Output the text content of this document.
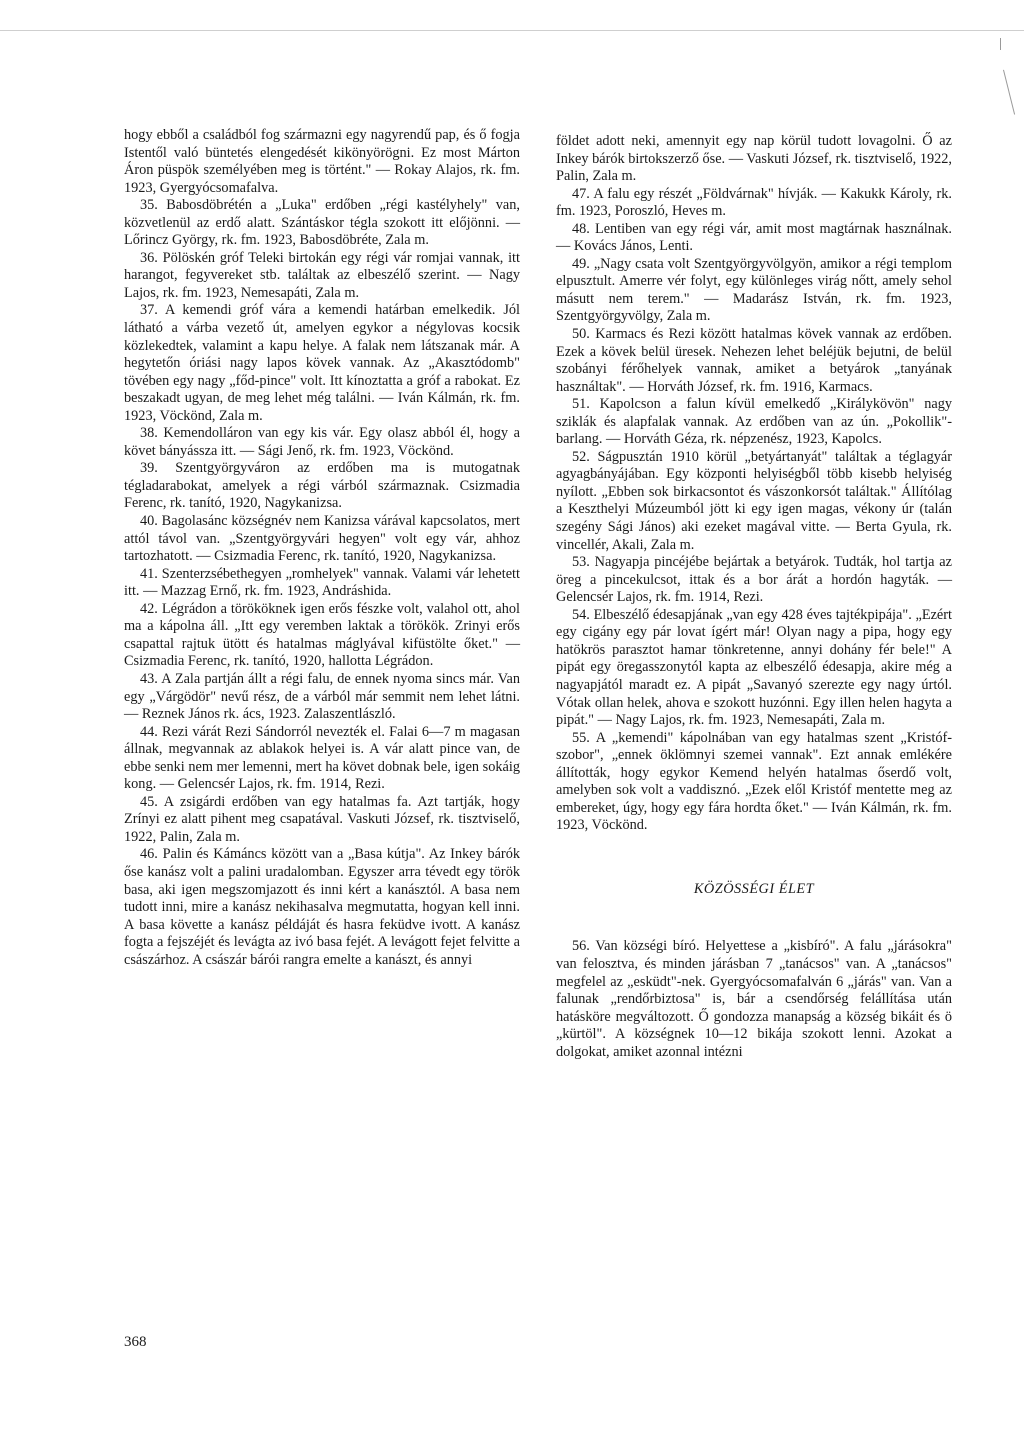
hogy ebből a családból fog származni egy nagyrendű pap, és ő fogja Istentől való büntetés elengedését kikönyörögni. Ez most Márton Áron püspök személyében meg is történt." — Rokay Alajos, rk. fm. 1923, Gyergyócsomafalva.

35. Babosdöbrétén a „Luka" erdőben „régi kastélyhely" van, közvetlenül az erdő alatt. Szántáskor tégla szokott itt előjönni. — Lőrincz György, rk. fm. 1923, Babosdöbréte, Zala m.

36. Pölöskén gróf Teleki birtokán egy régi vár romjai vannak, itt harangot, fegyvereket stb. találtak az elbeszélő szerint. — Nagy Lajos, rk. fm. 1923, Nemesapáti, Zala m.

37. A kemendi gróf vára a kemendi határban emelkedik. Jól látható a várba vezető út, amelyen egykor a négylovas kocsik közlekedtek, valamint a kapu helye. A falak nem látszanak már. A hegytetőn óriási nagy lapos kövek vannak. Az „Akasztódomb" tövében egy nagy „főd-pince" volt. Itt kínoztatta a gróf a rabokat. Ez beszakadt ugyan, de meg lehet még találni. — Iván Kálmán, rk. fm. 1923, Vöckönd, Zala m.

38. Kemendolláron van egy kis vár. Egy olasz abból él, hogy a követ bányássza itt. — Sági Jenő, rk. fm. 1923, Vöckönd.

39. Szentgyörgyváron az erdőben ma is mutogatnak tégladarabokat, amelyek a régi várból származnak. Csizmadia Ferenc, rk. tanító, 1920, Nagykanizsa.

40. Bagolasánc községnév nem Kanizsa várával kapcsolatos, mert attól távol van. „Szentgyörgyvári hegyen" volt egy vár, ahhoz tartozhatott. — Csizmadia Ferenc, rk. tanító, 1920, Nagykanizsa.

41. Szenterzsébethegyen „romhelyek" vannak. Valami vár lehetett itt. — Mazzag Ernő, rk. fm. 1923, Andráshida.

42. Légrádon a törököknek igen erős fészke volt, valahol ott, ahol ma a kápolna áll. „Itt egy veremben laktak a törökök. Zrinyi erős csapattal rajtuk ütött és hatalmas máglyával kifüstölte őket." — Csizmadia Ferenc, rk. tanító, 1920, hallotta Légrádon.

43. A Zala partján állt a régi falu, de ennek nyoma sincs már. Van egy „Várgödör" nevű rész, de a várból már semmit nem lehet látni. — Reznek János rk. ács, 1923. Zalaszentlászló.

44. Rezi várát Rezi Sándorról nevezték el. Falai 6—7 m magasan állnak, megvannak az ablakok helyei is. A vár alatt pince van, de ebbe senki nem mer lemenni, mert ha követ dobnak bele, igen sokáig kong. — Gelencsér Lajos, rk. fm. 1914, Rezi.

45. A zsigárdi erdőben van egy hatalmas fa. Azt tartják, hogy Zrínyi ez alatt pihent meg csapatával. Vaskuti József, rk. tisztviselő, 1922, Palin, Zala m.

46. Palin és Kámáncs között van a „Basa kútja". Az Inkey bárók őse kanász volt a palini uradalomban. Egyszer arra tévedt egy török basa, aki igen megszomjazott és inni kért a kanásztól. A basa nem tudott inni, mire a kanász nekihasalva megmutatta, hogyan kell inni. A basa követte a kanász példáját és hasra feküdve ivott. A kanász fogta a fejszéjét és levágta az ivó basa fejét. A levágott fejet felvitte a császárhoz. A császár bárói rangra emelte a kanászt, és annyi

földet adott neki, amennyit egy nap körül tudott lovagolni. Ő az Inkey bárók birtokszerző őse. — Vaskuti József, rk. tisztviselő, 1922, Palin, Zala m.

47. A falu egy részét „Földvárnak" hívják. — Kakukk Károly, rk. fm. 1923, Poroszló, Heves m.

48. Lentiben van egy régi vár, amit most magtárnak használnak. — Kovács János, Lenti.

49. „Nagy csata volt Szentgyörgyvölgyön, amikor a régi templom elpusztult. Amerre vér folyt, egy különleges virág nőtt, amely sehol másutt nem terem." — Madarász István, rk. fm. 1923, Szentgyörgyvölgy, Zala m.

50. Karmacs és Rezi között hatalmas kövek vannak az erdőben. Ezek a kövek belül üresek. Nehezen lehet beléjük bejutni, de belül szobányi férőhelyek vannak, amiket a betyárok „tanyának használtak". — Horváth József, rk. fm. 1916, Karmacs.

51. Kapolcson a falun kívül emelkedő „Királykövön" nagy sziklák és alapfalak vannak. Az erdőben van az ún. „Pokollik"-barlang. — Horváth Géza, rk. népzenész, 1923, Kapolcs.

52. Ságpusztán 1910 körül „betyártanyát" találtak a téglagyár agyagbányájában. Egy központi helyiségből több kisebb helyiség nyílott. „Ebben sok birkacsontot és vászonkorsót találtak." Állítólag a Keszthelyi Múzeumból jött ki egy igen magas, vékony úr (talán szegény Sági János) aki ezeket magával vitte. — Berta Gyula, rk. vincellér, Akali, Zala m.

53. Nagyapja pincéjébe bejártak a betyárok. Tudták, hol tartja az öreg a pincekulcsot, ittak és a bor árát a hordón hagyták. — Gelencsér Lajos, rk. fm. 1914, Rezi.

54. Elbeszélő édesapjának „van egy 428 éves tajtékpipája". „Ezért egy cigány egy pár lovat ígért már! Olyan nagy a pipa, hogy egy hatökrös parasztot hamar tönkretenne, annyi dohány fér bele!" A pipát egy öregasszonytól kapta az elbeszélő édesapja, akire még a nagyapjától maradt ez. A pipát „Savanyó szerezte egy nagy úrtól. Vótak ollan helek, ahova e szokott huzónni. Egy illen helen hagyta a pipát." — Nagy Lajos, rk. fm. 1923, Nemesapáti, Zala m.

55. A „kemendi" kápolnában van egy hatalmas szent „Kristóf-szobor", „ennek öklömnyi szemei vannak". Ezt annak emlékére állították, hogy egykor Kemend helyén hatalmas őserdő volt, amelyben sok volt a vaddisznó. „Ezek elől Kristóf mentette meg az embereket, úgy, hogy egy fára hordta őket." — Iván Kálmán, rk. fm. 1923, Vöckönd.

KÖZÖSSÉGI ÉLET

56. Van községi bíró. Helyettese a „kisbíró". A falu „járásokra" van felosztva, és minden járásban 7 „tanácsos" van. A „tanácsos" megfelel az „esküdt"-nek. Gyergyócsomafalván 6 „járás" van. Van a falunak „rendőrbiztosa" is, bár a csendőrség felállítása után hatásköre megváltozott. Ő gondozza manapság a község bikáit és ö „kürtöl". A községnek 10—12 bikája szokott lenni. Azokat a dolgokat, amiket azonnal intézni

368
